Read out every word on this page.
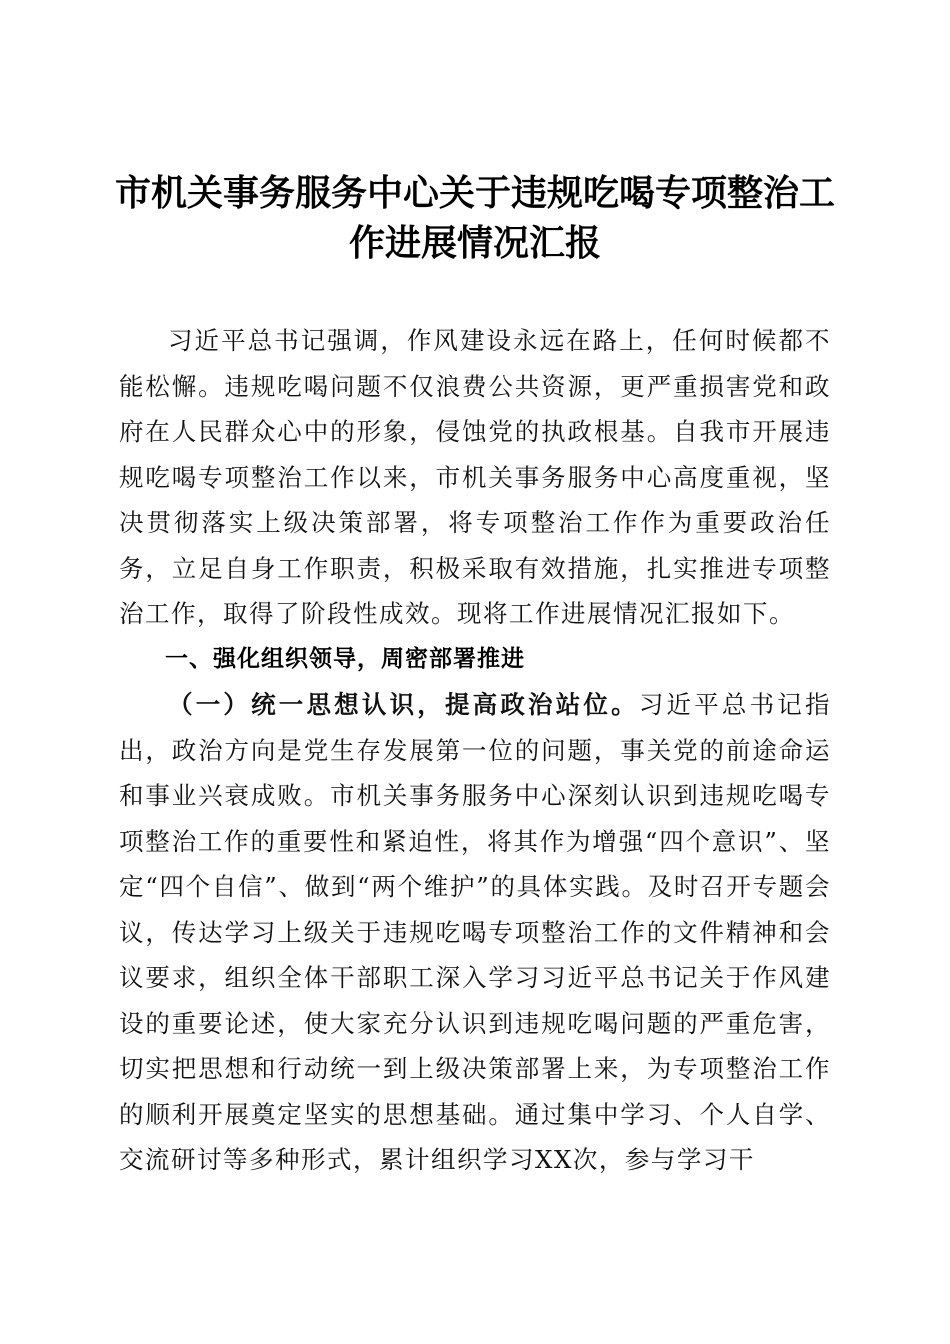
市机关事务服务中心关于违规吃喝专项整治工
作进展情况汇报

习近平总书记强调，作风建设永远在路上，任何时候都不能松懈。违规吃喝问题不仅浪费公共资源，更严重损害党和政府在人民群众心中的形象，侵蚀党的执政根基。自我市开展违规吃喝专项整治工作以来，市机关事务服务中心高度重视，坚决贯彻落实上级决策部署，将专项整治工作作为重要政治任务，立足自身工作职责，积极采取有效措施，扎实推进专项整治工作，取得了阶段性成效。现将工作进展情况汇报如下。

一、强化组织领导，周密部署推进

（一）统一思想认识，提高政治站位。习近平总书记指出，政治方向是党生存发展第一位的问题，事关党的前途命运和事业兴衰成败。市机关事务服务中心深刻认识到违规吃喝专项整治工作的重要性和紧迫性，将其作为增强“四个意识”、坚定“四个自信”、做到“两个维护”的具体实践。及时召开专题会议，传达学习上级关于违规吃喝专项整治工作的文件精神和会议要求，组织全体干部职工深入学习习近平总书记关于作风建设的重要论述，使大家充分认识到违规吃喝问题的严重危害，切实把思想和行动统一到上级决策部署上来，为专项整治工作的顺利开展奠定坚实的思想基础。通过集中学习、个人自学、交流研讨等多种形式，累计组织学习XX次，参与学习干
